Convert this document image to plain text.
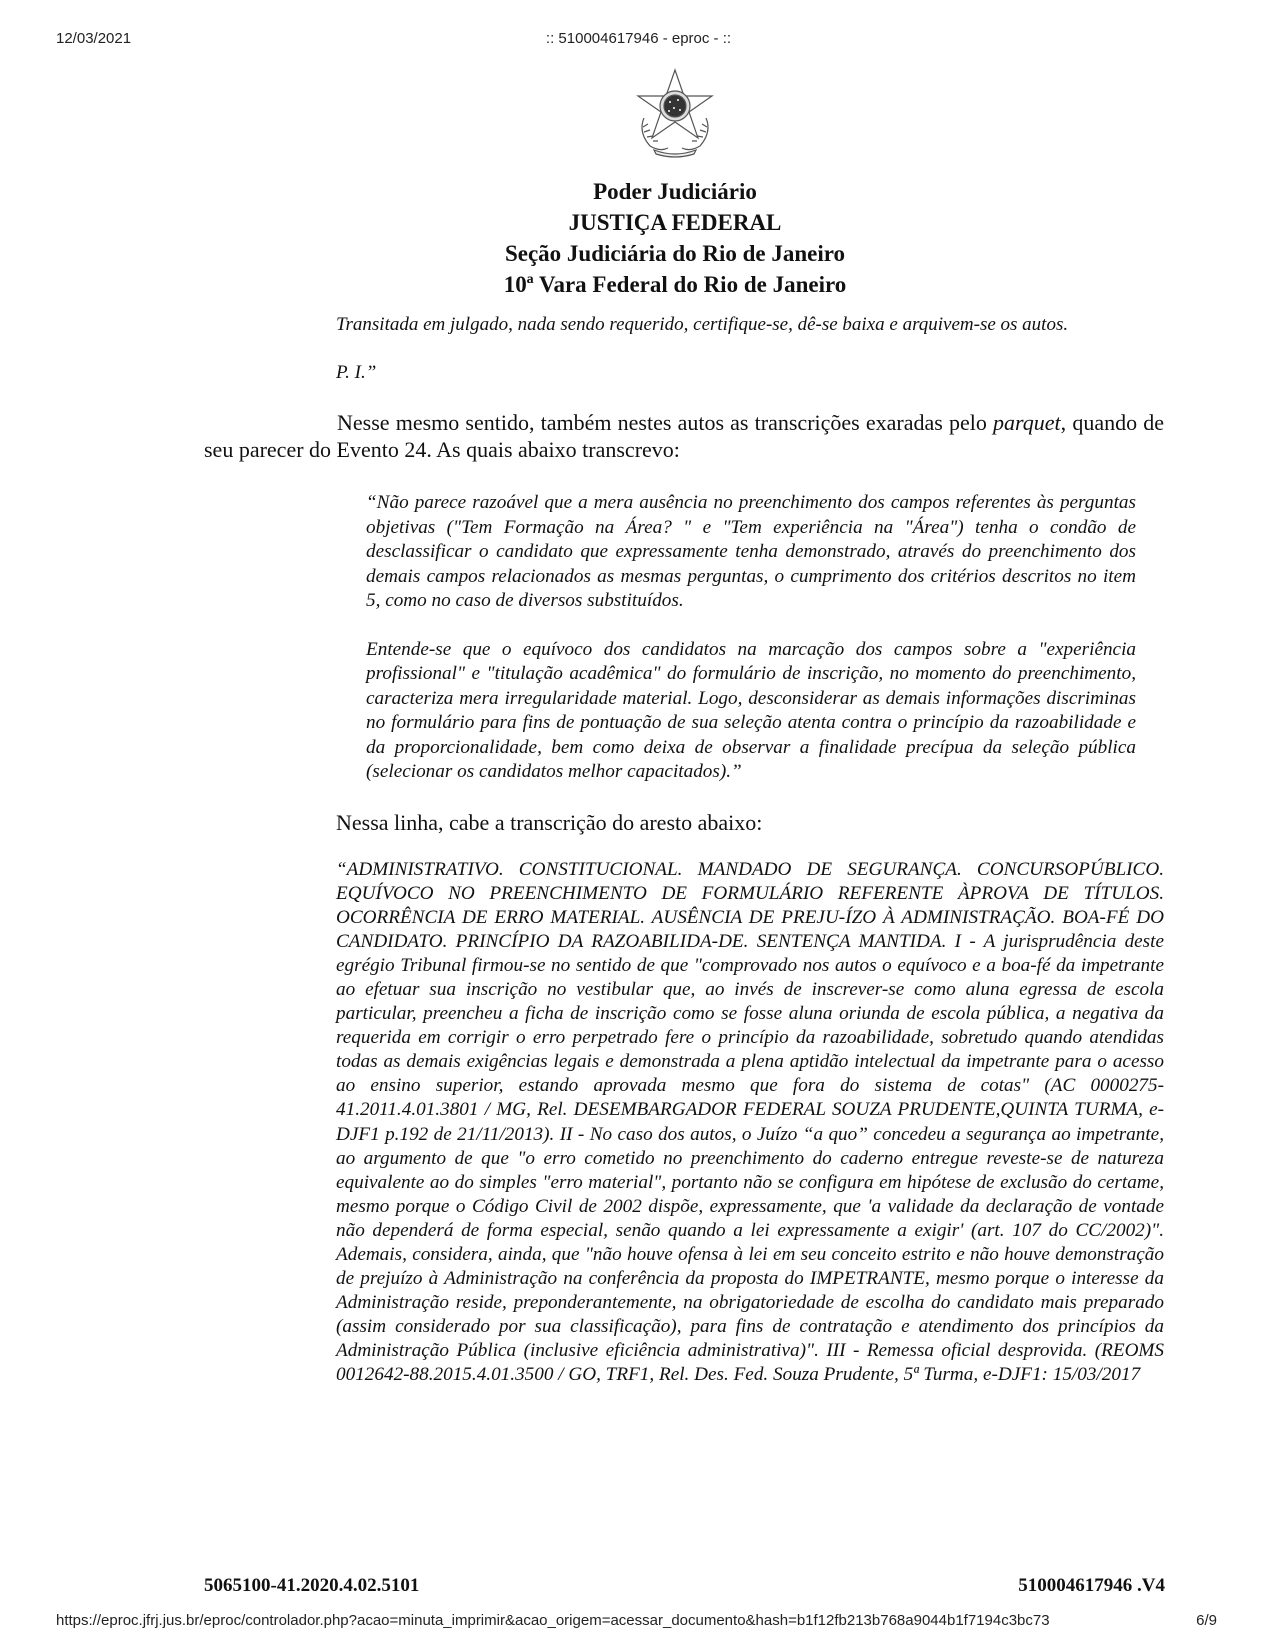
12/03/2021	:: 510004617946 - eproc - ::
Poder Judiciário
JUSTIÇA FEDERAL
Seção Judiciária do Rio de Janeiro
10ª Vara Federal do Rio de Janeiro

Transitada em julgado, nada sendo requerido, certifique-se, dê-se baixa e arquivem-se os autos.

P. I.”

Nesse mesmo sentido, também nestes autos as transcrições exaradas pelo parquet, quando de seu parecer do Evento 24. As quais abaixo transcrevo:

“Não parece razoável que a mera ausência no preenchimento dos campos referentes às perguntas objetivas ("Tem Formação na Área? " e "Tem experiência na "Área") tenha o condão de desclassificar o candidato que expressamente tenha demonstrado, através do preenchimento dos demais campos relacionados as mesmas perguntas, o cumprimento dos critérios descritos no item 5, como no caso de diversos substituídos.

Entende-se que o equívoco dos candidatos na marcação dos campos sobre a "experiência profissional" e "titulação acadêmica" do formulário de inscrição, no momento do preenchimento, caracteriza mera irregularidade material. Logo, desconsiderar as demais informações discriminas no formulário para fins de pontuação de sua seleção atenta contra o princípio da razoabilidade e da proporcionalidade, bem como deixa de observar a finalidade precípua da seleção pública (selecionar os candidatos melhor capacitados).”

Nessa linha, cabe a transcrição do aresto abaixo:

“ADMINISTRATIVO. CONSTITUCIONAL. MANDADO DE SEGURANÇA. CONCURSOPÚBLICO. EQUÍVOCO NO PREENCHIMENTO DE FORMULÁRIO REFERENTE ÀPROVA DE TÍTULOS. OCORRÊNCIA DE ERRO MATERIAL. AUSÊNCIA DE PREJU-ÍZO À ADMINISTRAÇÃO. BOA-FÉ DO CANDIDATO. PRINCÍPIO DA RAZOABILIDA-DE. SENTENÇA MANTIDA. I - A jurisprudência deste egrégio Tribunal firmou-se no sentido de que "comprovado nos autos o equívoco e a boa-fé da impetrante ao efetuar sua inscrição no vestibular que, ao invés de inscrever-se como aluna egressa de escola particular, preencheu a ficha de inscrição como se fosse aluna oriunda de escola pública, a negativa da requerida em corrigir o erro perpetrado fere o princípio da razoabilidade, sobretudo quando atendidas todas as demais exigências legais e demonstrada a plena aptidão intelectual da impetrante para o acesso ao ensino superior, estando aprovada mesmo que fora do sistema de cotas" (AC 0000275-41.2011.4.01.3801 / MG, Rel. DESEMBARGADOR FEDERAL SOUZA PRUDENTE,QUINTA TURMA, e-DJF1 p.192 de 21/11/2013). II - No caso dos autos, o Juízo “a quo” concedeu a segurança ao impetrante, ao argumento de que "o erro cometido no preenchimento do caderno entregue reveste-se de natureza equivalente ao do simples "erro material", portanto não se configura em hipótese de exclusão do certame, mesmo porque o Código Civil de 2002 dispõe, expressamente, que 'a validade da declaração de vontade não dependerá de forma especial, senão quando a lei expressamente a exigir' (art. 107 do CC/2002)". Ademais, considera, ainda, que "não houve ofensa à lei em seu conceito estrito e não houve demonstração de prejuízo à Administração na conferência da proposta do IMPETRANTE, mesmo porque o interesse da Administração reside, preponderantemente, na obrigatoriedade de escolha do candidato mais preparado (assim considerado por sua classificação), para fins de contratação e atendimento dos princípios da Administração Pública (inclusive eficiência administrativa)". III - Remessa oficial desprovida. (REOMS 0012642-88.2015.4.01.3500 / GO, TRF1, Rel. Des. Fed. Souza Prudente, 5ª Turma, e-DJF1: 15/03/2017

5065100-41.2020.4.02.5101	510004617946 .V4
https://eproc.jfrj.jus.br/eproc/controlador.php?acao=minuta_imprimir&acao_origem=acessar_documento&hash=b1f12fb213b768a9044b1f7194c3bc73	6/9
